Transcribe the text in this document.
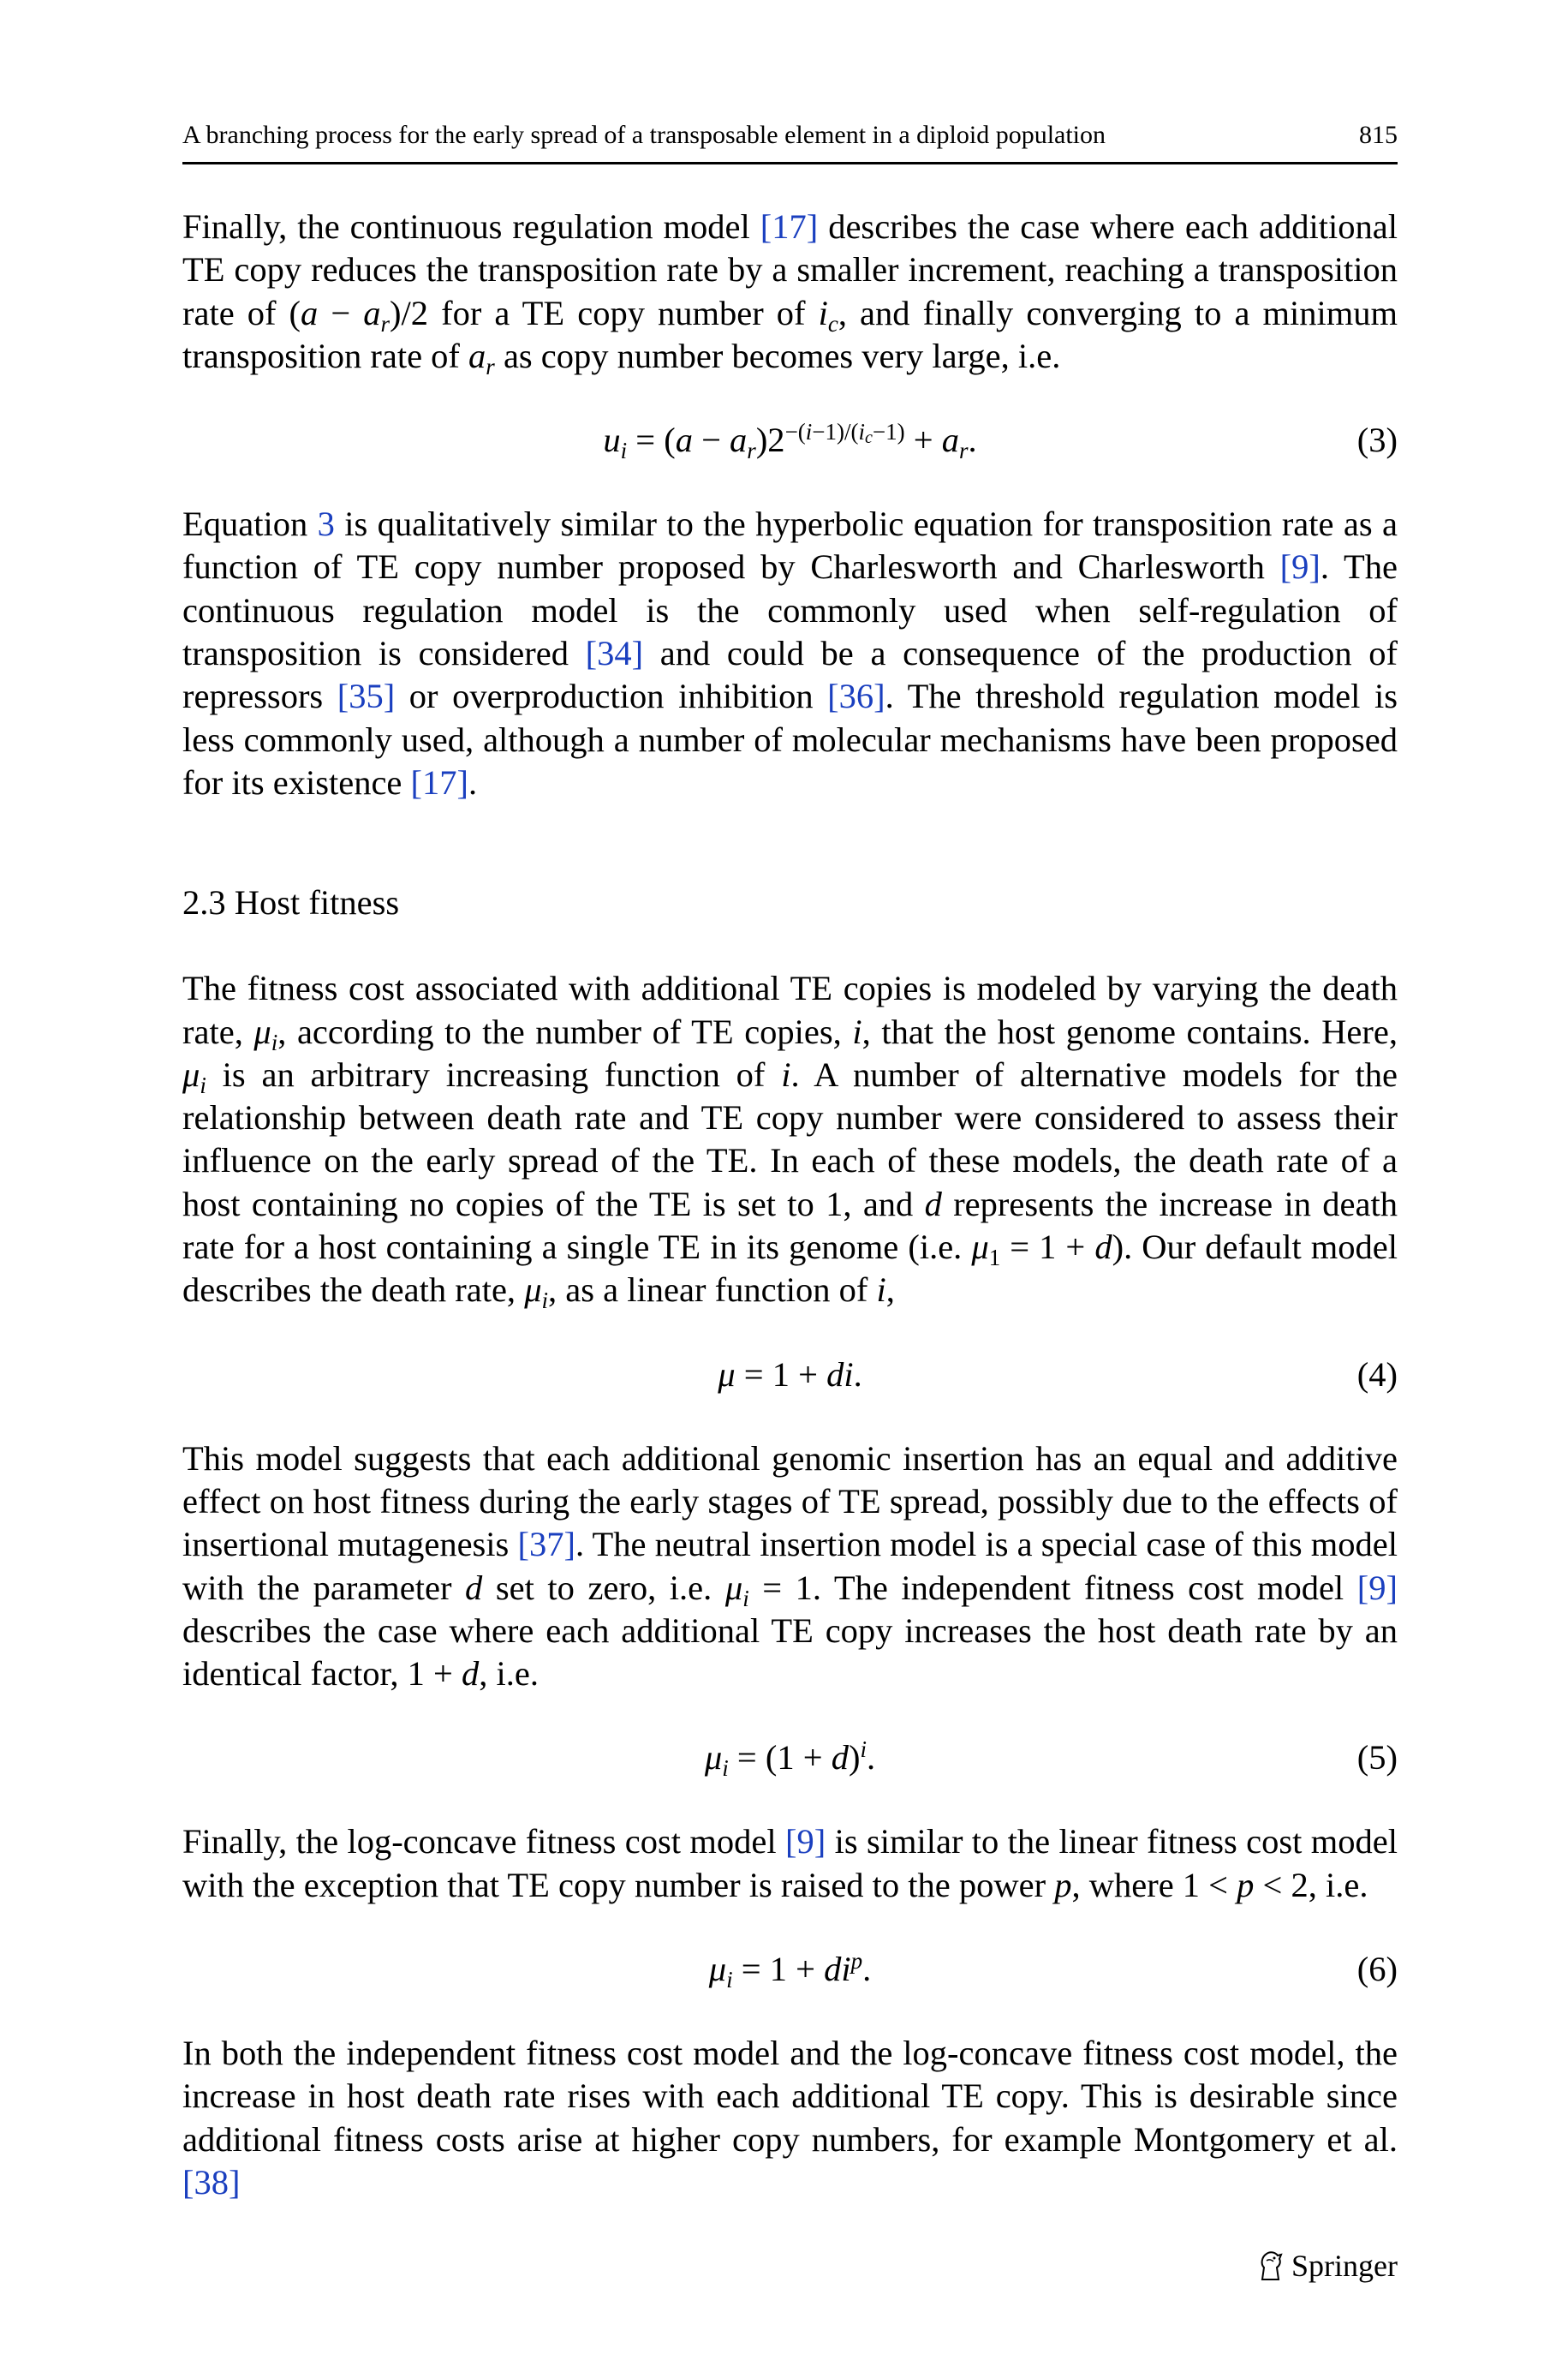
A branching process for the early spread of a transposable element in a diploid population	815

Finally, the continuous regulation model [17] describes the case where each additional TE copy reduces the transposition rate by a smaller increment, reaching a transposition rate of $(a - a_r)/2$ for a TE copy number of $i_c$, and finally converging to a minimum transposition rate of $a_r$ as copy number becomes very large, i.e.

$u_i = (a - a_r)2^{-(i-1)/(i_c-1)} + a_r$.	(3)

Equation 3 is qualitatively similar to the hyperbolic equation for transposition rate as a function of TE copy number proposed by Charlesworth and Charlesworth [9]. The continuous regulation model is the commonly used when self-regulation of transposition is considered [34] and could be a consequence of the production of repressors [35] or overproduction inhibition [36]. The threshold regulation model is less commonly used, although a number of molecular mechanisms have been proposed for its existence [17].

2.3 Host fitness

The fitness cost associated with additional TE copies is modeled by varying the death rate, $\mu_i$, according to the number of TE copies, i, that the host genome contains. Here, $\mu_i$ is an arbitrary increasing function of i. A number of alternative models for the relationship between death rate and TE copy number were considered to assess their influence on the early spread of the TE. In each of these models, the death rate of a host containing no copies of the TE is set to 1, and d represents the increase in death rate for a host containing a single TE in its genome (i.e. $\mu_1 = 1 + d$). Our default model describes the death rate, $\mu_i$, as a linear function of i,

μ = 1 + di.	(4)

This model suggests that each additional genomic insertion has an equal and additive effect on host fitness during the early stages of TE spread, possibly due to the effects of insertional mutagenesis [37]. The neutral insertion model is a special case of this model with the parameter d set to zero, i.e. $\mu_i = 1$. The independent fitness cost model [9] describes the case where each additional TE copy increases the host death rate by an identical factor, 1 + d, i.e.

$\mu_i = (1 + d)^i$.	(5)

Finally, the log-concave fitness cost model [9] is similar to the linear fitness cost model with the exception that TE copy number is raised to the power p, where 1 < p < 2, i.e.

$\mu_i = 1 + di^p$.	(6)

In both the independent fitness cost model and the log-concave fitness cost model, the increase in host death rate rises with each additional TE copy. This is desirable since additional fitness costs arise at higher copy numbers, for example Montgomery et al. [38]

Springer
